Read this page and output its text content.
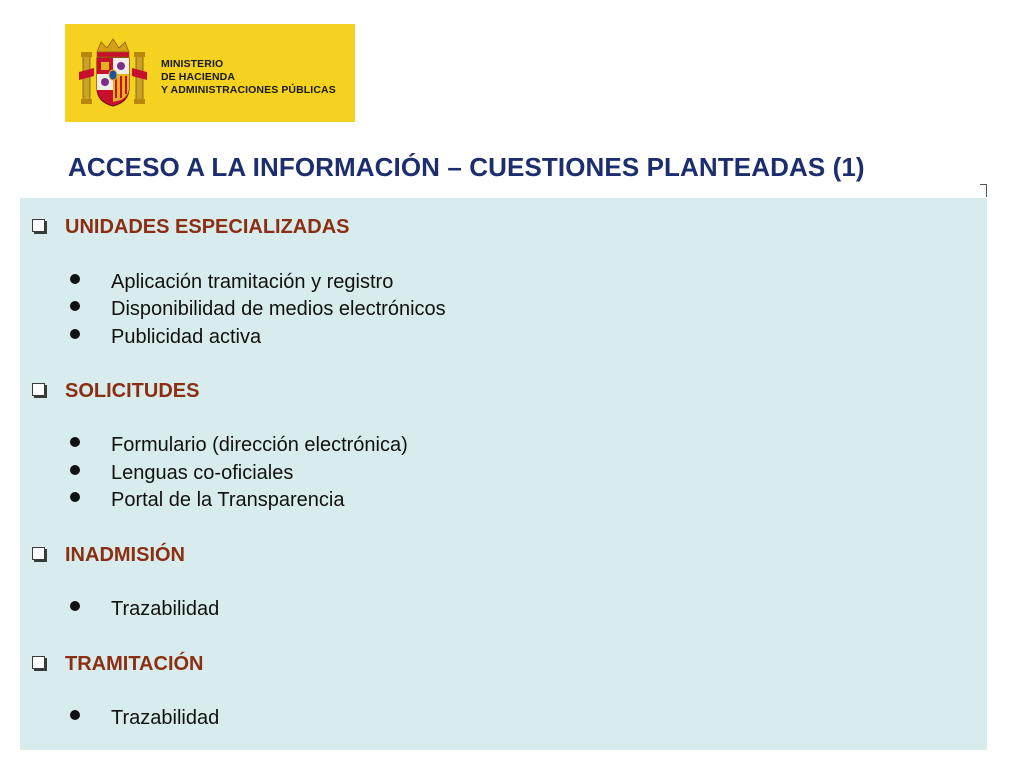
MINISTERIO
DE HACIENDA
Y ADMINISTRACIONES PÚBLICAS
ACCESO A LA INFORMACIÓN – CUESTIONES PLANTEADAS (1)
UNIDADES ESPECIALIZADAS
Aplicación tramitación y registro
Disponibilidad de medios electrónicos
Publicidad activa
SOLICITUDES
Formulario (dirección electrónica)
Lenguas co-oficiales
Portal de la Transparencia
INADMISIÓN
Trazabilidad
TRAMITACIÓN
Trazabilidad
